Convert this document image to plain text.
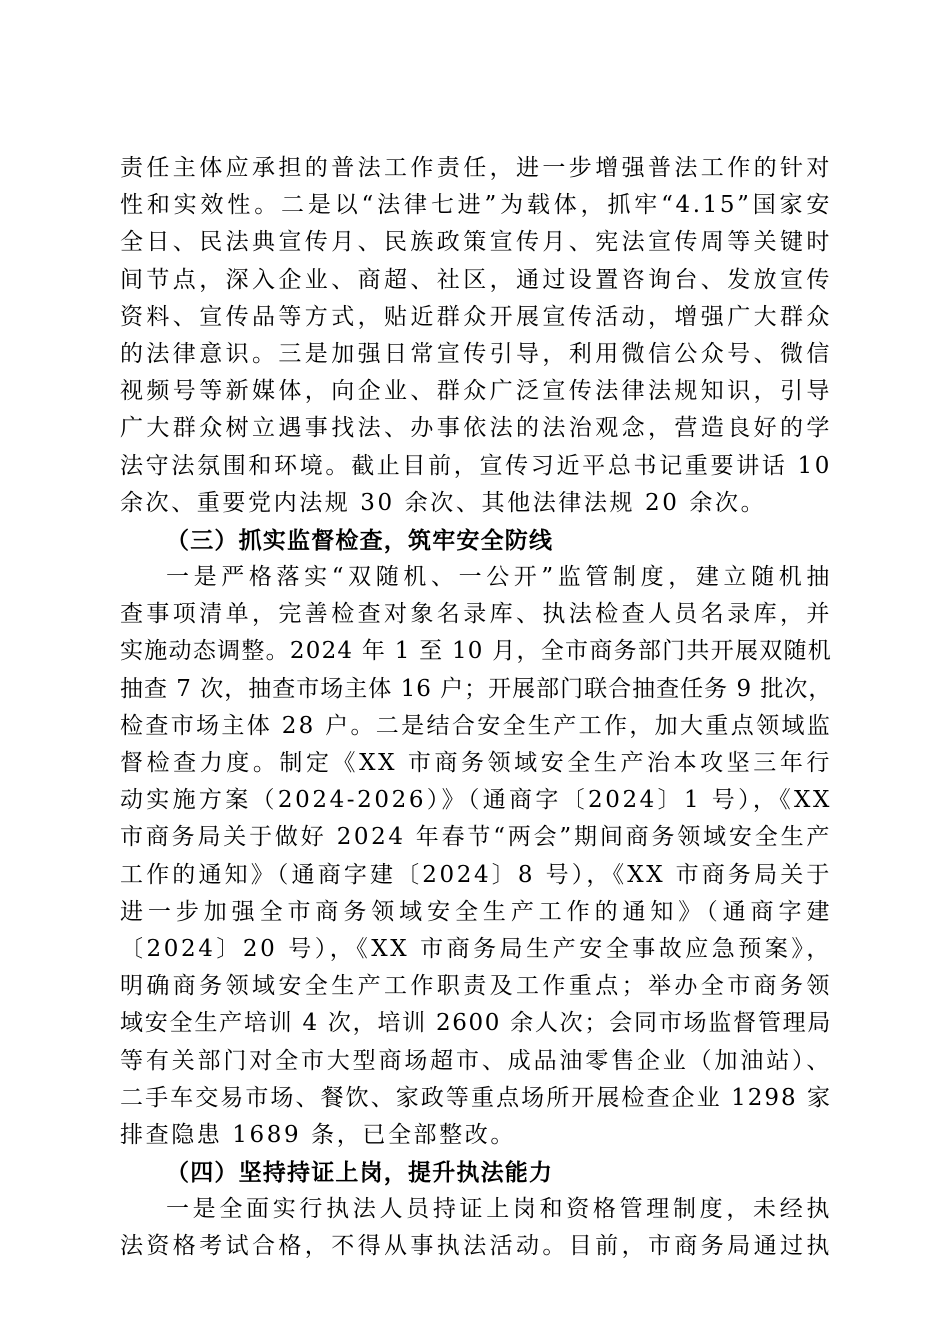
责任主体应承担的普法工作责任，进一步增强普法工作的针对
性和实效性。二是以“法律七进”为载体，抓牢“4.15”国家安
全日、民法典宣传月、民族政策宣传月、宪法宣传周等关键时
间节点，深入企业、商超、社区，通过设置咨询台、发放宣传
资料、宣传品等方式，贴近群众开展宣传活动，增强广大群众
的法律意识。三是加强日常宣传引导，利用微信公众号、微信
视频号等新媒体，向企业、群众广泛宣传法律法规知识，引导
广大群众树立遇事找法、办事依法的法治观念，营造良好的学
法守法氛围和环境。截止目前，宣传习近平总书记重要讲话 10
余次、重要党内法规 30 余次、其他法律法规 20 余次。
（三）抓实监督检查，筑牢安全防线
一是严格落实“双随机、一公开”监管制度，建立随机抽
查事项清单，完善检查对象名录库、执法检查人员名录库，并
实施动态调整。2024 年 1 至 10 月，全市商务部门共开展双随机
抽查 7 次，抽查市场主体 16 户；开展部门联合抽查任务 9 批次，
检查市场主体 28 户。二是结合安全生产工作，加大重点领域监
督检查力度。制定《XX 市商务领域安全生产治本攻坚三年行
动实施方案（2024-2026）》（通商字〔2024〕1 号），《XX
市商务局关于做好 2024 年春节“两会”期间商务领域安全生产
工作的通知》（通商字建〔2024〕8 号），《XX 市商务局关于
进一步加强全市商务领域安全生产工作的通知》（通商字建
〔2024〕20 号），《XX 市商务局生产安全事故应急预案》，
明确商务领域安全生产工作职责及工作重点；举办全市商务领
域安全生产培训 4 次，培训 2600 余人次；会同市场监督管理局
等有关部门对全市大型商场超市、成品油零售企业（加油站）、
二手车交易市场、餐饮、家政等重点场所开展检查企业 1298 家
排查隐患 1689 条，已全部整改。
（四）坚持持证上岗，提升执法能力
一是全面实行执法人员持证上岗和资格管理制度，未经执
法资格考试合格，不得从事执法活动。目前，市商务局通过执
